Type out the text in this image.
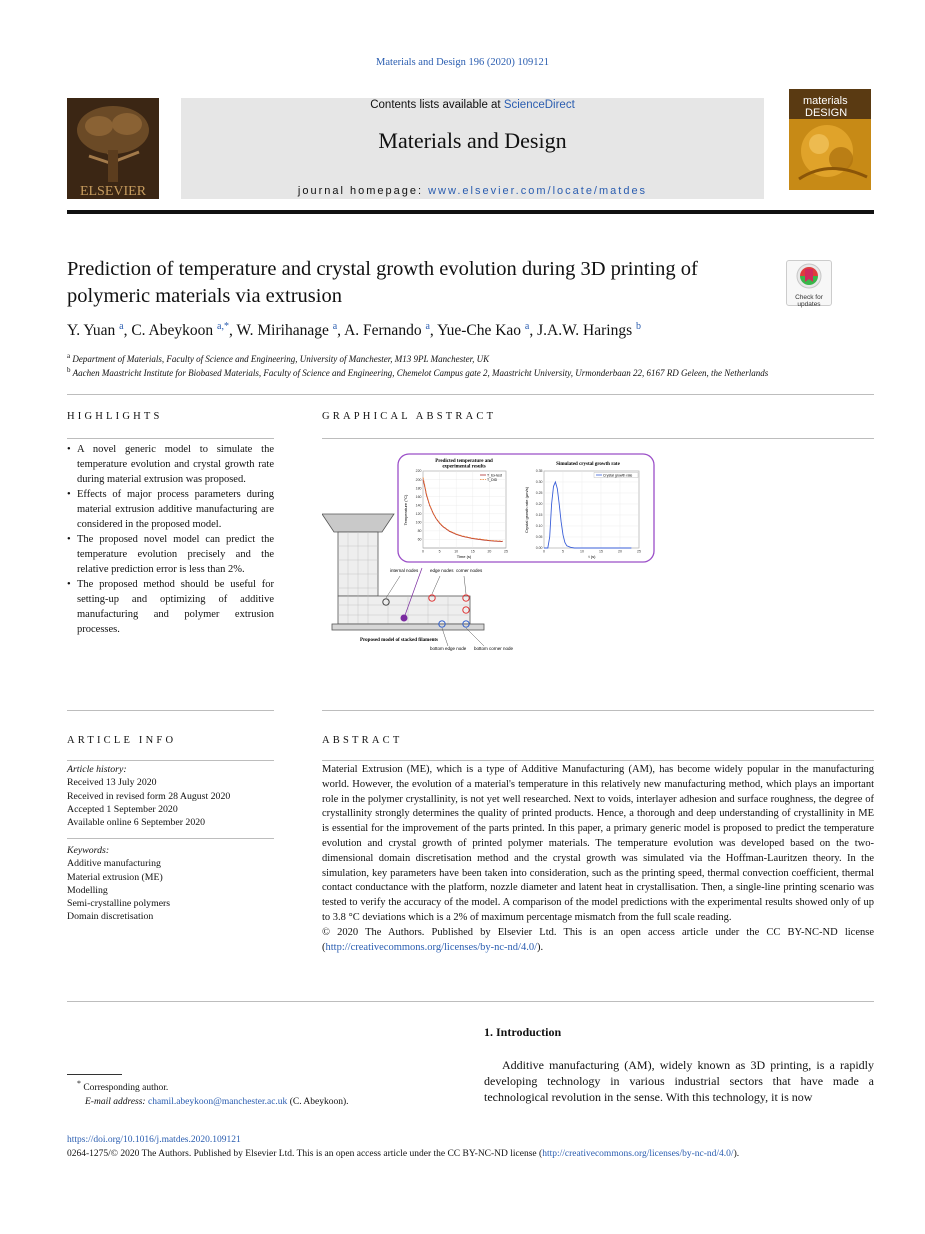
Materials and Design 196 (2020) 109121
ELSEVIER
Contents lists available at ScienceDirect
Materials and Design
journal homepage: www.elsevier.com/locate/matdes
materials
DESIGN
Prediction of temperature and crystal growth evolution during 3D printing of polymeric materials via extrusion	Check for updates
Y. Yuan $^a$, C. Abeykoon $^{a,*}$, W. Mirihanage $^a$, A. Fernando $^a$, Yue-Che Kao $^a$, J.A.W. Harings $^b$
$^a$ Department of Materials, Faculty of Science and Engineering, University of Manchester, M13 9PL Manchester, UK
$^b$ Aachen Maastricht Institute for Biobased Materials, Faculty of Science and Engineering, Chemelot Campus gate 2, Maastricht University, Urmonderbaan 22, 6167 RD Geleen, the Netherlands
HIGHLIGHTS
• A novel generic model to simulate the temperature evolution and crystal growth rate during material extrusion was proposed.
• Effects of major process parameters during material extrusion additive manufacturing are considered in the proposed model.
• The proposed novel model can predict the temperature evolution precisely and the relative prediction error is less than 2%.
• The proposed method should be useful for setting-up and optimizing of additive manufacturing and polymer extrusion processes.
GRAPHICAL ABSTRACT
internal nodes	edge nodes corner nodes
Proposed model of stacked filaments
bottom edge node bottom corner node
Predicted temperature and
experimental results
0	5	10	15	20	25
60
80
100
120
140
160
180
200
220
T_Ex-test
T_DID
Time (s)
Temperature (°C)
Simulated crystal growth rate
0	5	10	15	20	25
0.00
0.05
0.10
0.15
0.20
0.25
0.30
0.35
Crystal growth rate
t (s)
Crystal growth rate (μm/s)
ARTICLE INFO
Article history:
Received 13 July 2020
Received in revised form 28 August 2020
Accepted 1 September 2020
Available online 6 September 2020
Keywords:
Additive manufacturing
Material extrusion (ME)
Modelling
Semi-crystalline polymers
Domain discretisation
ABSTRACT
Material Extrusion (ME), which is a type of Additive Manufacturing (AM), has become widely popular in the manufacturing world. However, the evolution of a material's temperature in this relatively new manufacturing method, which plays an important role in the polymer crystallinity, is not yet well researched. Next to voids, interlayer adhesion and surface roughness, the degree of crystallinity strongly determines the quality of printed products. Hence, a thorough and deep understanding of crystallinity in ME is essential for the improvement of the parts printed. In this paper, a primary generic model is proposed to predict the temperature evolution and crystal growth of printed polymer materials. The temperature evolution was developed based on the two-dimensional domain discretisation method and the crystal growth was simulated via the Hoffman-Lauritzen theory. In the simulation, key parameters have been taken into consideration, such as the printing speed, thermal convection coefficient, thermal contact conductance with the platform, nozzle diameter and latent heat in crystallisation. Then, a single-line printing scenario was tested to verify the accuracy of the model. A comparison of the model predictions with the experimental results showed only of up to 3.8 °C deviations which is a 2% of maximum percentage mismatch from the full scale reading.
© 2020 The Authors. Published by Elsevier Ltd. This is an open access article under the CC BY-NC-ND license (http://creativecommons.org/licenses/by-nc-nd/4.0/).
1. Introduction
Additive manufacturing (AM), widely known as 3D printing, is a rapidly developing technology in various industrial sectors that have made a technological revolution in the sense. With this technology, it is now
* Corresponding author.
E-mail address: chamil.abeykoon@manchester.ac.uk (C. Abeykoon).
https://doi.org/10.1016/j.matdes.2020.109121
0264-1275/© 2020 The Authors. Published by Elsevier Ltd. This is an open access article under the CC BY-NC-ND license (http://creativecommons.org/licenses/by-nc-nd/4.0/).
